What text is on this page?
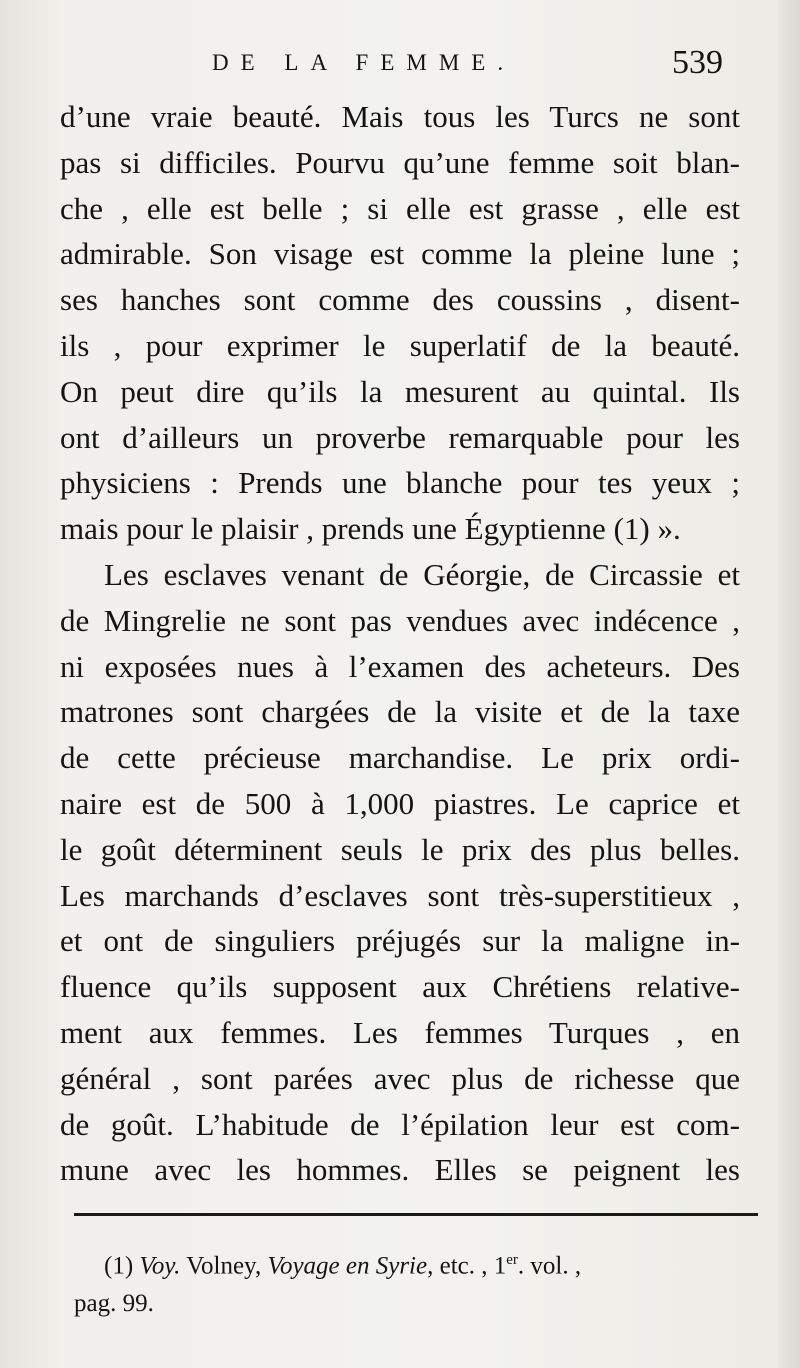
DE LA FEMME.	539
d’une vraie beauté. Mais tous les Turcs ne sont
pas si difficiles. Pourvu qu’une femme soit blan-
che , elle est belle ; si elle est grasse , elle est
admirable. Son visage est comme la pleine lune ;
ses hanches sont comme des coussins , disent-
ils , pour exprimer le superlatif de la beauté.
On peut dire qu’ils la mesurent au quintal. Ils
ont d’ailleurs un proverbe remarquable pour les
physiciens : Prends une blanche pour tes yeux ;
mais pour le plaisir , prends une Égyptienne (1) ».
Les esclaves venant de Géorgie, de Circassie et
de Mingrelie ne sont pas vendues avec indécence ,
ni exposées nues à l’examen des acheteurs. Des
matrones sont chargées de la visite et de la taxe
de cette précieuse marchandise. Le prix ordi-
naire est de 500 à 1,000 piastres. Le caprice et
le goût déterminent seuls le prix des plus belles.
Les marchands d’esclaves sont très-superstitieux ,
et ont de singuliers préjugés sur la maligne in-
fluence qu’ils supposent aux Chrétiens relative-
ment aux femmes. Les femmes Turques , en
général , sont parées avec plus de richesse que
de goût. L’habitude de l’épilation leur est com-
mune avec les hommes. Elles se peignent les
(1) Voy. Volney, Voyage en Syrie, etc. , 1er. vol. ,
pag. 99.
